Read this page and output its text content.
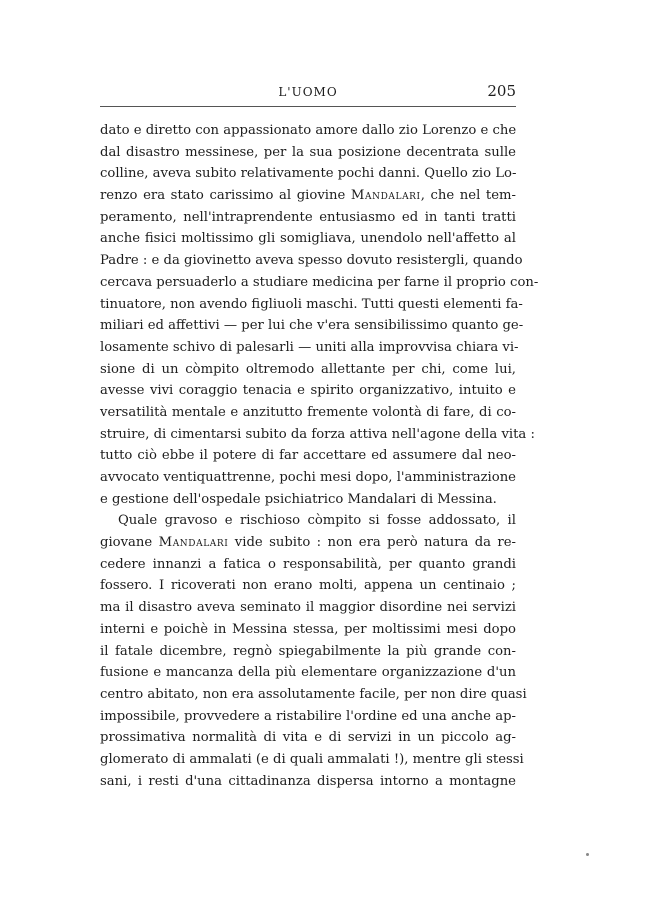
L'UOMO	205
dato e diretto con appassionato amore dallo zio Lorenzo e che
dal disastro messinese, per la sua posizione decentrata sulle
colline, aveva subito relativamente pochi danni. Quello zio Lo-
renzo era stato carissimo al giovine Mandalari, che nel tem-
peramento, nell'intraprendente entusiasmo ed in tanti tratti
anche fisici moltissimo gli somigliava, unendolo nell'affetto al
Padre : e da giovinetto aveva spesso dovuto resistergli, quando
cercava persuaderlo a studiare medicina per farne il proprio con-
tinuatore, non avendo figliuoli maschi. Tutti questi elementi fa-
miliari ed affettivi — per lui che v'era sensibilissimo quanto ge-
losamente schivo di palesarli — uniti alla improvvisa chiara vi-
sione di un còmpito oltremodo allettante per chi, come lui,
avesse vivi coraggio tenacia e spirito organizzativo, intuito e
versatilità mentale e anzitutto fremente volontà di fare, di co-
struire, di cimentarsi subito da forza attiva nell'agone della vita :
tutto ciò ebbe il potere di far accettare ed assumere dal neo-
avvocato ventiquattrenne, pochi mesi dopo, l'amministrazione
e gestione dell'ospedale psichiatrico Mandalari di Messina.
Quale gravoso e rischioso còmpito si fosse addossato, il
giovane Mandalari vide subito : non era però natura da re-
cedere innanzi a fatica o responsabilità, per quanto grandi
fossero. I ricoverati non erano molti, appena un centinaio ;
ma il disastro aveva seminato il maggior disordine nei servizi
interni e poichè in Messina stessa, per moltissimi mesi dopo
il fatale dicembre, regnò spiegabilmente la più grande con-
fusione e mancanza della più elementare organizzazione d'un
centro abitato, non era assolutamente facile, per non dire quasi
impossibile, provvedere a ristabilire l'ordine ed una anche ap-
prossimativa normalità di vita e di servizi in un piccolo ag-
glomerato di ammalati (e di quali ammalati !), mentre gli stessi
sani, i resti d'una cittadinanza dispersa intorno a montagne
